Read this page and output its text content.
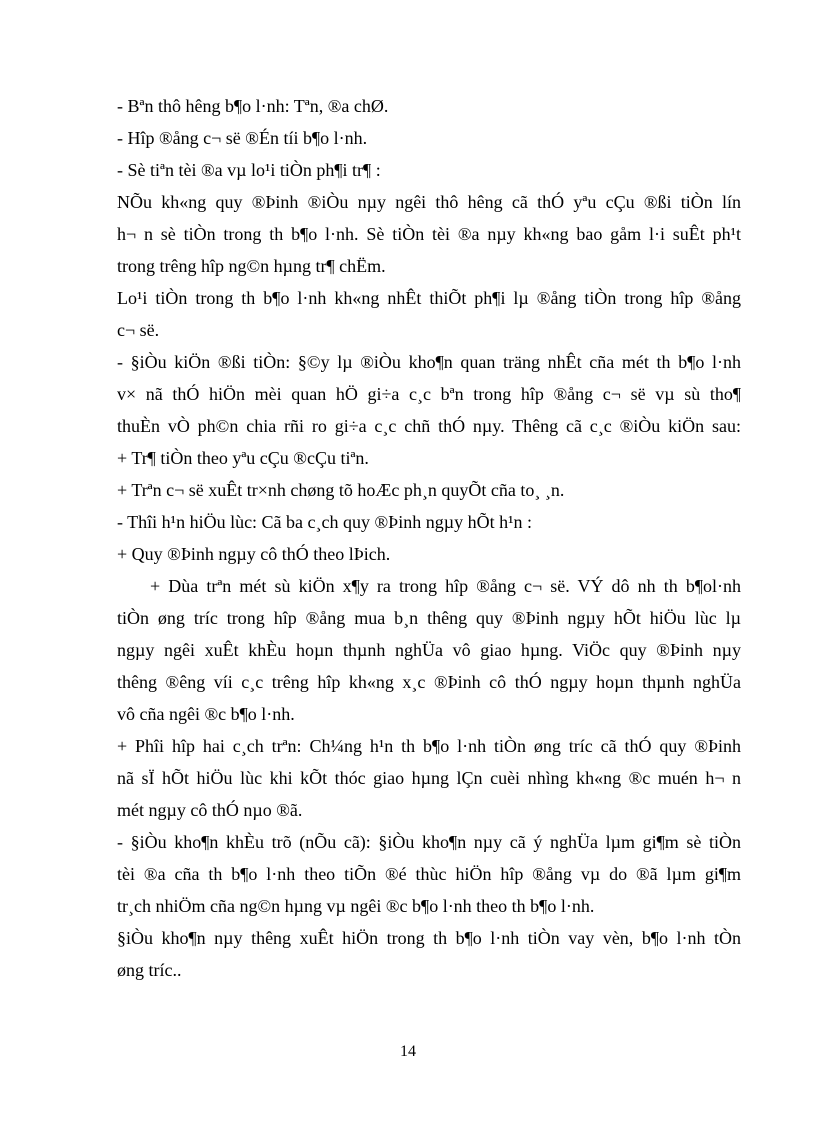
- Bªn thô hêng b¶o l·nh: Tªn, ®a chØ.
- Hîp ®ång c¬ së ®Én tíi b¶o l·nh.
- Sè tiªn tèi ®a vµ lo¹i tiÒn ph¶i tr¶ :
NÕu kh«ng quy ®Þinh ®iÒu nµy ngêi thô hêng cã thÓ yªu cÇu ®ßi tiÒn lín
h¬ n sè tiÒn trong th b¶o l·nh. Sè tiÒn tèi ®a nµy kh«ng bao gåm l·i suÊt ph¹t
trong trêng hîp ng©n hµng tr¶ chËm.
Lo¹i tiÒn trong th b¶o l·nh kh«ng nhÊt thiÕt ph¶i lµ ®ång tiÒn trong hîp ®ång
c¬ së.
- §iÒu kiÖn ®ßi tiÒn: §©y lµ ®iÒu kho¶n quan träng nhÊt cña mét th b¶o l·nh
v× nã thÓ hiÖn mèi quan hÖ gi÷a c¸c bªn trong hîp ®ång c¬ së vµ sù tho¶
thuÈn vÒ ph©n chia rñi ro gi÷a c¸c chñ thÓ nµy. Thêng cã c¸c ®iÒu kiÖn sau:
+ Tr¶ tiÒn theo yªu cÇu ®cÇu tiªn.
+ Trªn c¬ së xuÊt tr×nh chøng tõ hoÆc ph¸n quyÕt cña to¸ ¸n.
- Thîi h¹n hiÖu lùc: Cã ba c¸ch quy ®Þinh ngµy hÕt h¹n :
+ Quy ®Þinh ngµy cô thÓ theo lÞich.
+ Dùa trªn mét sù kiÖn x¶y ra trong hîp ®ång c¬ së. VÝ dô nh th b¶ol·nh
tiÒn øng tríc trong hîp ®ång mua b¸n thêng quy ®Þinh ngµy hÕt hiÖu lùc lµ
ngµy ngêi xuÊt khÈu hoµn thµnh nghÜa vô giao hµng. ViÖc quy ®Þinh nµy
thêng ®êng víi c¸c trêng hîp kh«ng x¸c ®Þinh cô thÓ ngµy hoµn thµnh nghÜa
vô cña ngêi ®c b¶o l·nh.
+ Phîi hîp hai c¸ch trªn: Ch¼ng h¹n th b¶o l·nh tiÒn øng tríc cã thÓ quy ®Þinh
nã sÏ hÕt hiÖu lùc khi kÕt thóc giao hµng lÇn cuèi nhìng kh«ng ®c muén h¬ n
mét ngµy cô thÓ nµo ®ã.
- §iÒu kho¶n khÈu trõ (nÕu cã): §iÒu kho¶n nµy cã ý nghÜa lµm gi¶m sè tiÒn
tèi ®a cña th b¶o l·nh theo tiÕn ®é thùc hiÖn hîp ®ång vµ do ®ã lµm gi¶m
tr¸ch nhiÖm cña ng©n hµng vµ ngêi ®c b¶o l·nh theo th b¶o l·nh.
§iÒu kho¶n nµy thêng xuÊt hiÖn trong th b¶o l·nh tiÒn vay vèn, b¶o l·nh tÒn
øng tríc..
14
